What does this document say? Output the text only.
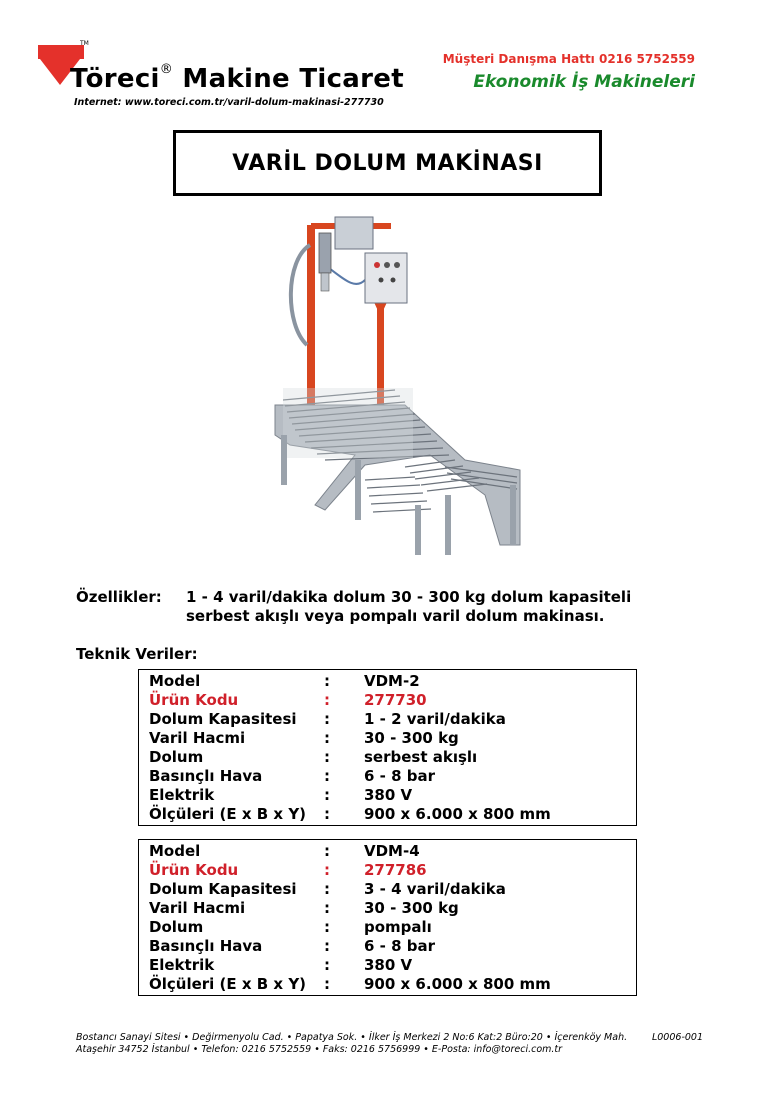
TM
Töreci® Makine Ticaret
Internet: www.toreci.com.tr/varil-dolum-makinasi-277730
Müşteri Danışma Hattı 0216 5752559
Ekonomik İş Makineleri
VARİL DOLUM MAKİNASI
Özellikler: 1 - 4 varil/dakika dolum 30 - 300 kg dolum kapasiteli
serbest akışlı veya pompalı varil dolum makinası.
Teknik Veriler:
Model	:	VDM-2
Ürün Kodu	:	277730
Dolum Kapasitesi	:	1 - 2 varil/dakika
Varil Hacmi	:	30 - 300 kg
Dolum	:	serbest akışlı
Basınçlı Hava	:	6 - 8 bar
Elektrik	:	380 V
Ölçüleri (E x B x Y)	:	900 x 6.000 x 800 mm
Model	:	VDM-4
Ürün Kodu	:	277786
Dolum Kapasitesi	:	3 - 4 varil/dakika
Varil Hacmi	:	30 - 300 kg
Dolum	:	pompalı
Basınçlı Hava	:	6 - 8 bar
Elektrik	:	380 V
Ölçüleri (E x B x Y)	:	900 x 6.000 x 800 mm
Bostancı Sanayi Sitesi • Değirmenyolu Cad. • Papatya Sok. • İlker İş Merkezi 2 No:6 Kat:2 Büro:20 • İçerenköy Mah.
Ataşehir 34752 İstanbul • Telefon: 0216 5752559 • Faks: 0216 5756999 • E-Posta: info@toreci.com.tr
L0006-001
